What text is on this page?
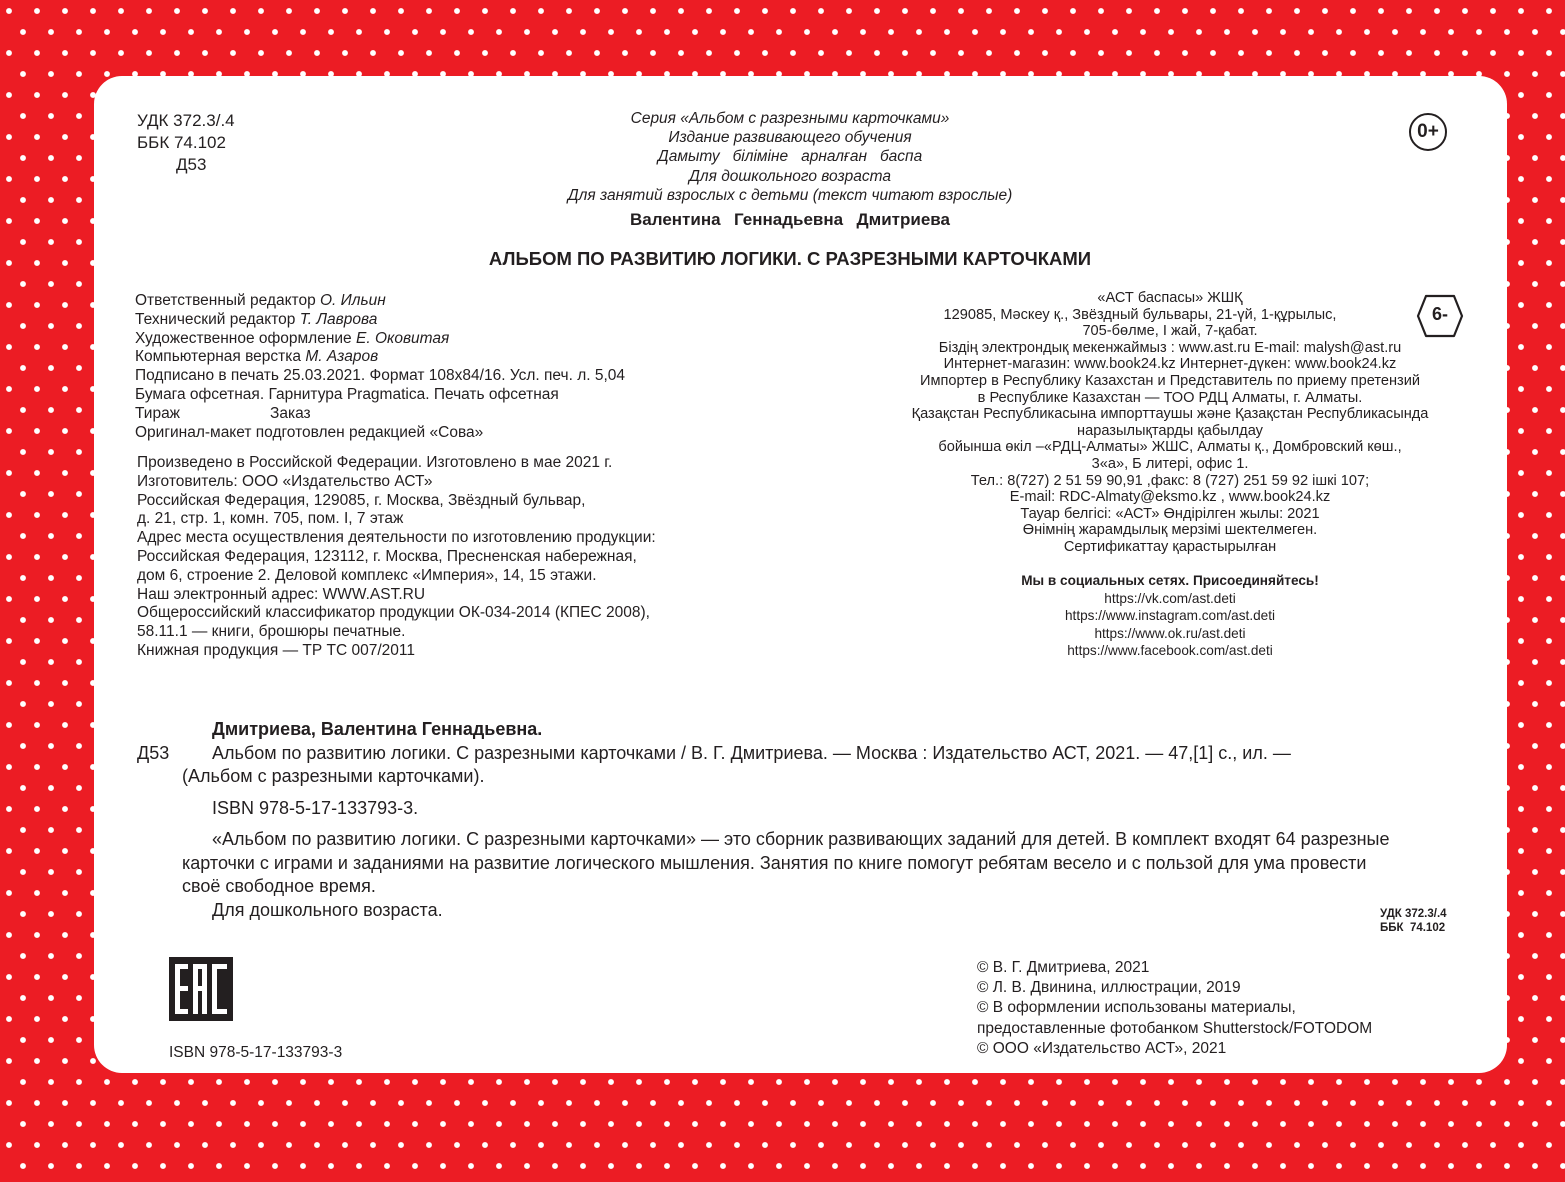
УДК 372.3/.4
ББК 74.102
Д53
0+
Серия «Альбом с разрезными карточками»
Издание развивающего обучения
Дамыту   біліміне   арналған   баспа
Для дошкольного возраста
Для занятий взрослых с детьми (текст читают взрослые)
Валентина  Геннадьевна  Дмитриева
АЛЬБОМ ПО РАЗВИТИЮ ЛОГИКИ. С РАЗРЕЗНЫМИ КАРТОЧКАМИ
Ответственный редактор О. Ильин
Технический редактор Т. Лаврова
Художественное оформление Е. Оковитая
Компьютерная верстка М. Азаров
Подписано в печать 25.03.2021. Формат 108x84/16. Усл. печ. л. 5,04
Бумага офсетная. Гарнитура Pragmatica. Печать офсетная
Тираж	Заказ
Оригинал-макет подготовлен редакцией «Сова»
Произведено в Российской Федерации. Изготовлено в мае 2021 г.
Изготовитель: ООО «Издательство АСТ»
Российская Федерация, 129085, г. Москва, Звёздный бульвар,
д. 21, стр. 1, комн. 705, пом. I, 7 этаж
Адрес места осуществления деятельности по изготовлению продукции:
Российская Федерация, 123112, г. Москва, Пресненская набережная,
дом 6, строение 2. Деловой комплекс «Империя», 14, 15 этажи.
Наш электронный адрес: WWW.AST.RU
Общероссийский классификатор продукции ОК-034-2014 (КПЕС 2008),
58.11.1 — книги, брошюры печатные.
Книжная продукция — ТР ТС 007/2011
«АСТ баспасы» ЖШҚ
129085, Мәскеу қ., Звёздный бульвары, 21-үй, 1-құрылыс,
705-бөлме, I жай, 7-қабат.
Біздің электрондық мекенжаймыз : www.ast.ru E-mail: malysh@ast.ru
Интернет-магазин: www.book24.kz Интернет-дүкен: www.book24.kz
Импортер в Республику Казахстан и Представитель по приему претензий
в Республике Казахстан — ТОО РДЦ Алматы, г. Алматы.
Қазақстан Республикасына импорттаушы және Қазақстан Республикасында
наразылықтарды қабылдау
бойынша өкіл –«РДЦ-Алматы» ЖШС, Алматы қ., Домбровский көш.,
3«а», Б литері, офис 1.
Тел.: 8(727) 2 51 59 90,91 ,факс: 8 (727) 251 59 92 ішкі 107;
E-mail: RDC-Almaty@eksmo.kz , www.book24.kz
Тауар белгісі: «АСТ» Өндірілген жылы: 2021
Өнімнің жарамдылық мерзімі шектелмеген.
Сертификаттау қарастырылған
6-
Мы в социальных сетях. Присоединяйтесь!
https://vk.com/ast.deti
https://www.instagram.com/ast.deti
https://www.ok.ru/ast.deti
https://www.facebook.com/ast.deti
Дмитриева, Валентина Геннадьевна.
Д53 Альбом по развитию логики. С разрезными карточками / В. Г. Дмитриева. — Москва : Издательство АСТ, 2021. — 47,[1] с., ил. —
(Альбом с разрезными карточками).
ISBN 978-5-17-133793-3.
«Альбом по развитию логики. С разрезными карточками» — это сборник развивающих заданий для детей. В комплект входят 64 разрезные
карточки с играми и заданиями на развитие логического мышления. Занятия по книге помогут ребятам весело и с пользой для ума провести
своё свободное время.
Для дошкольного возраста.	УДК 372.3/.4
ББК  74.102
ISBN 978-5-17-133793-3
© В. Г. Дмитриева, 2021
© Л. В. Двинина, иллюстрации, 2019
© В оформлении использованы материалы,
предоставленные фотобанком Shutterstock/FOTODOM
© ООО «Издательство АСТ», 2021
